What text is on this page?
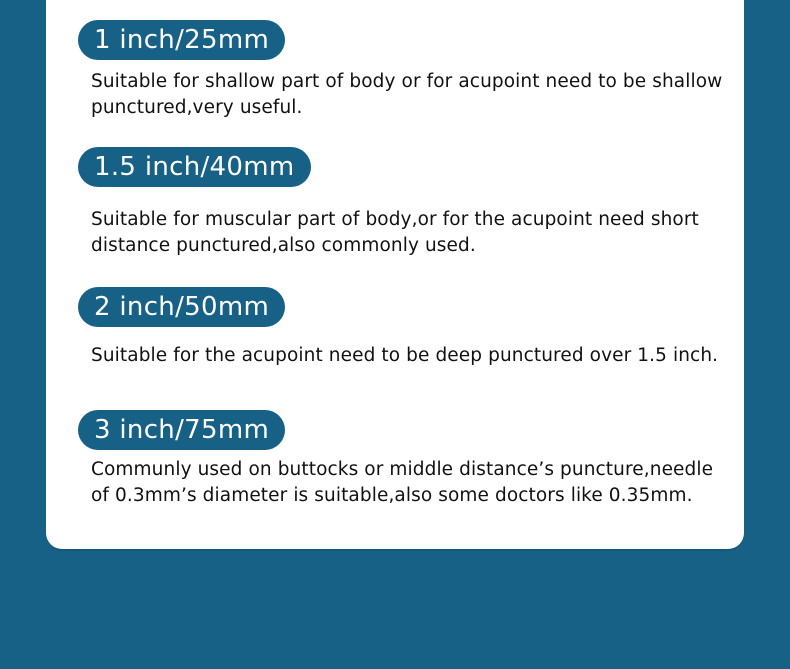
1 inch/25mm

Suitable for shallow part of body or for acupoint need to be shallow punctured,very useful.

1.5 inch/40mm

Suitable for muscular part of body,or for the acupoint need short distance punctured,also commonly used.

2 inch/50mm

Suitable for the acupoint need to be deep punctured over 1.5 inch.

3 inch/75mm

Communly used on buttocks or middle distance’s puncture,needle of 0.3mm’s diameter is suitable,also some doctors like 0.35mm.
